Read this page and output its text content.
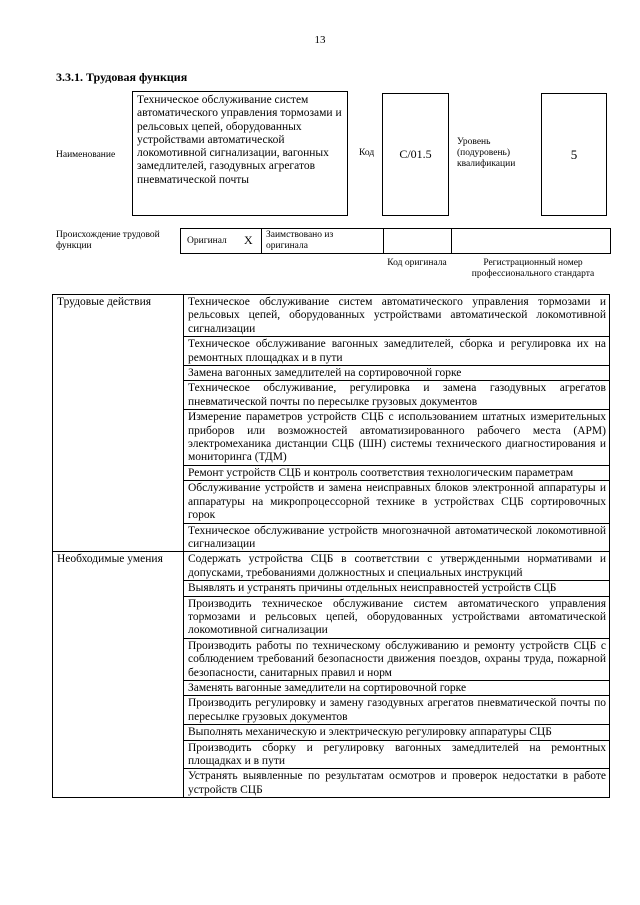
13
3.3.1. Трудовая функция
Наименование
Техническое обслуживание систем автоматического управления тормозами и рельсовых цепей, оборудованных устройствами автоматической локомотивной сигнализации, вагонных замедлителей, газодувных агрегатов пневматической почты
Код С/01.5
Уровень (подуровень) квалификации
5
Происхождение трудовой функции	Оригинал Х Заимствовано из оригинала
Код оригинала	Регистрационный номер профессионального стандарта
Трудовые действия	Техническое обслуживание систем автоматического управления тормозами и рельсовых цепей, оборудованных устройствами автоматической локомотивной сигнализации
	Техническое обслуживание вагонных замедлителей, сборка и регулировка их на ремонтных площадках и в пути
	Замена вагонных замедлителей на сортировочной горке
	Техническое обслуживание, регулировка и замена газодувных агрегатов пневматической почты по пересылке грузовых документов
	Измерение параметров устройств СЦБ с использованием штатных измерительных приборов или возможностей автоматизированного рабочего места (АРМ) электромеханика дистанции СЦБ (ШН) системы технического диагностирования и мониторинга (ТДМ)
	Ремонт устройств СЦБ и контроль соответствия технологическим параметрам
	Обслуживание устройств и замена неисправных блоков электронной аппаратуры и аппаратуры на микропроцессорной технике в устройствах СЦБ сортировочных горок
	Техническое обслуживание устройств многозначной автоматической локомотивной сигнализации
Необходимые умения	Содержать устройства СЦБ в соответствии с утвержденными нормативами и допусками, требованиями должностных и специальных инструкций
	Выявлять и устранять причины отдельных неисправностей устройств СЦБ
	Производить техническое обслуживание систем автоматического управления тормозами и рельсовых цепей, оборудованных устройствами автоматической локомотивной сигнализации
	Производить работы по техническому обслуживанию и ремонту устройств СЦБ с соблюдением требований безопасности движения поездов, охраны труда, пожарной безопасности, санитарных правил и норм
	Заменять вагонные замедлители на сортировочной горке
	Производить регулировку и замену газодувных агрегатов пневматической почты по пересылке грузовых документов
	Выполнять механическую и электрическую регулировку аппаратуры СЦБ
	Производить сборку и регулировку вагонных замедлителей на ремонтных площадках и в пути
	Устранять выявленные по результатам осмотров и проверок недостатки в работе устройств СЦБ
